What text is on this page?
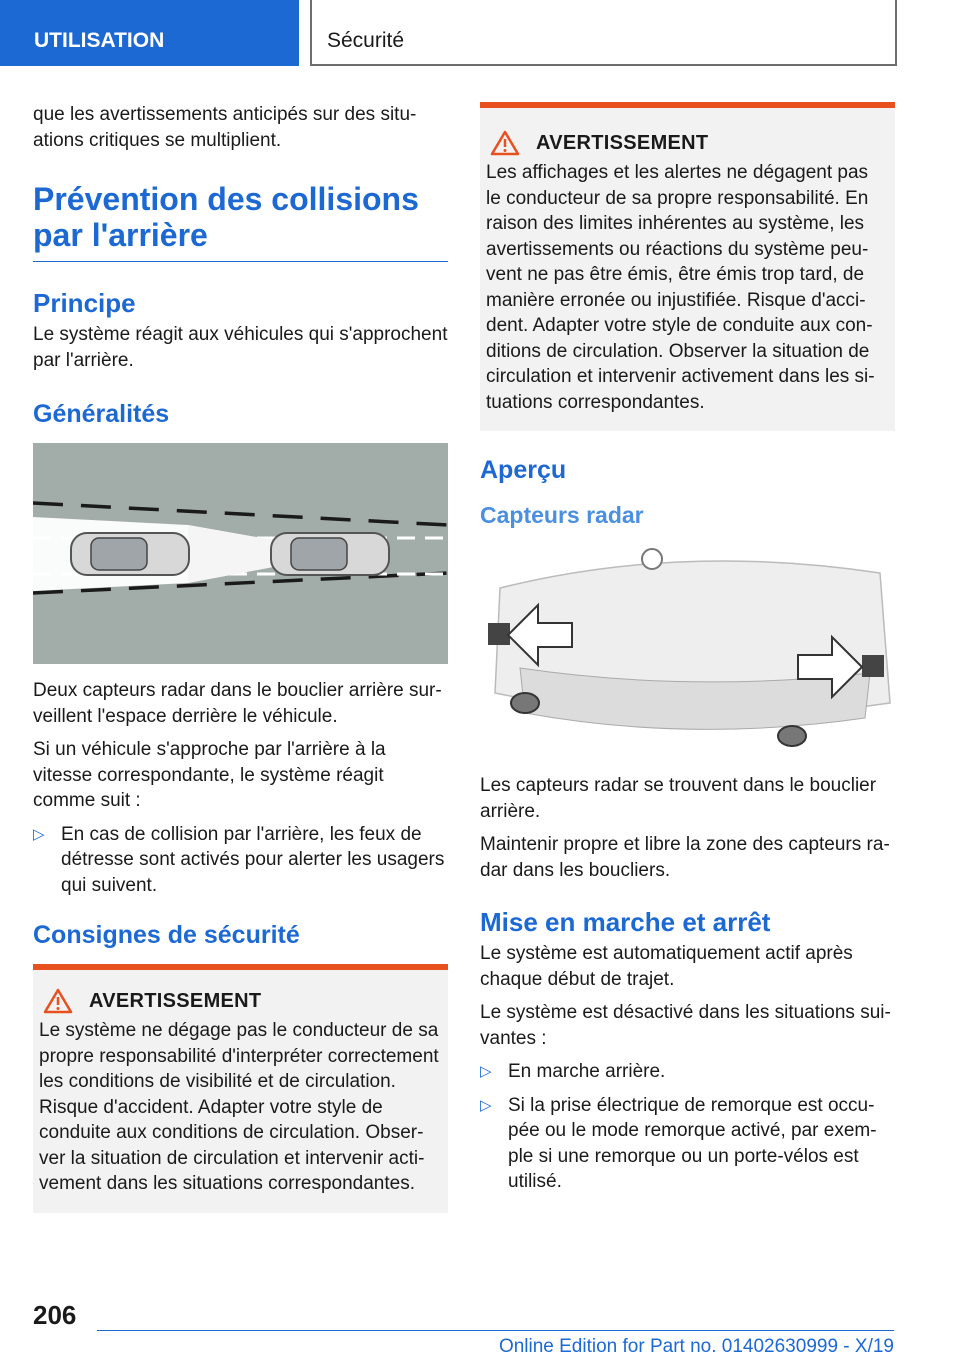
UTILISATION	Sécurité

que les avertissements anticipés sur des situations critiques se multiplient.

Prévention des collisions par l'arrière
Principe

Le système réagit aux véhicules qui s'approchent par l'arrière.

Généralités

Deux capteurs radar dans le bouclier arrière surveillent l'espace derrière le véhicule.

Si un véhicule s'approche par l'arrière à la vitesse correspondante, le système réagit comme suit :

▷ En cas de collision par l'arrière, les feux de détresse sont activés pour alerter les usagers qui suivent.
Consignes de sécurité
AVERTISSEMENT

Le système ne dégage pas le conducteur de sa propre responsabilité d'interpréter correctement les conditions de visibilité et de circulation. Risque d'accident. Adapter votre style de conduite aux conditions de circulation. Observer la situation de circulation et intervenir activement dans les situations correspondantes.

AVERTISSEMENT

Les affichages et les alertes ne dégagent pas le conducteur de sa propre responsabilité. En raison des limites inhérentes au système, les avertissements ou réactions du système peuvent ne pas être émis, être émis trop tard, de manière erronée ou injustifiée. Risque d'accident. Adapter votre style de conduite aux conditions de circulation. Observer la situation de circulation et intervenir activement dans les situations correspondantes.

Aperçu
Capteurs radar

Les capteurs radar se trouvent dans le bouclier arrière.

Maintenir propre et libre la zone des capteurs radar dans les boucliers.

Mise en marche et arrêt

Le système est automatiquement actif après chaque début de trajet.

Le système est désactivé dans les situations suivantes :

▷ En marche arrière.
▷ Si la prise électrique de remorque est occupée ou le mode remorque activé, par exemple si une remorque ou un porte-vélos est utilisé.
206
Online Edition for Part no. 01402630999 - X/19
